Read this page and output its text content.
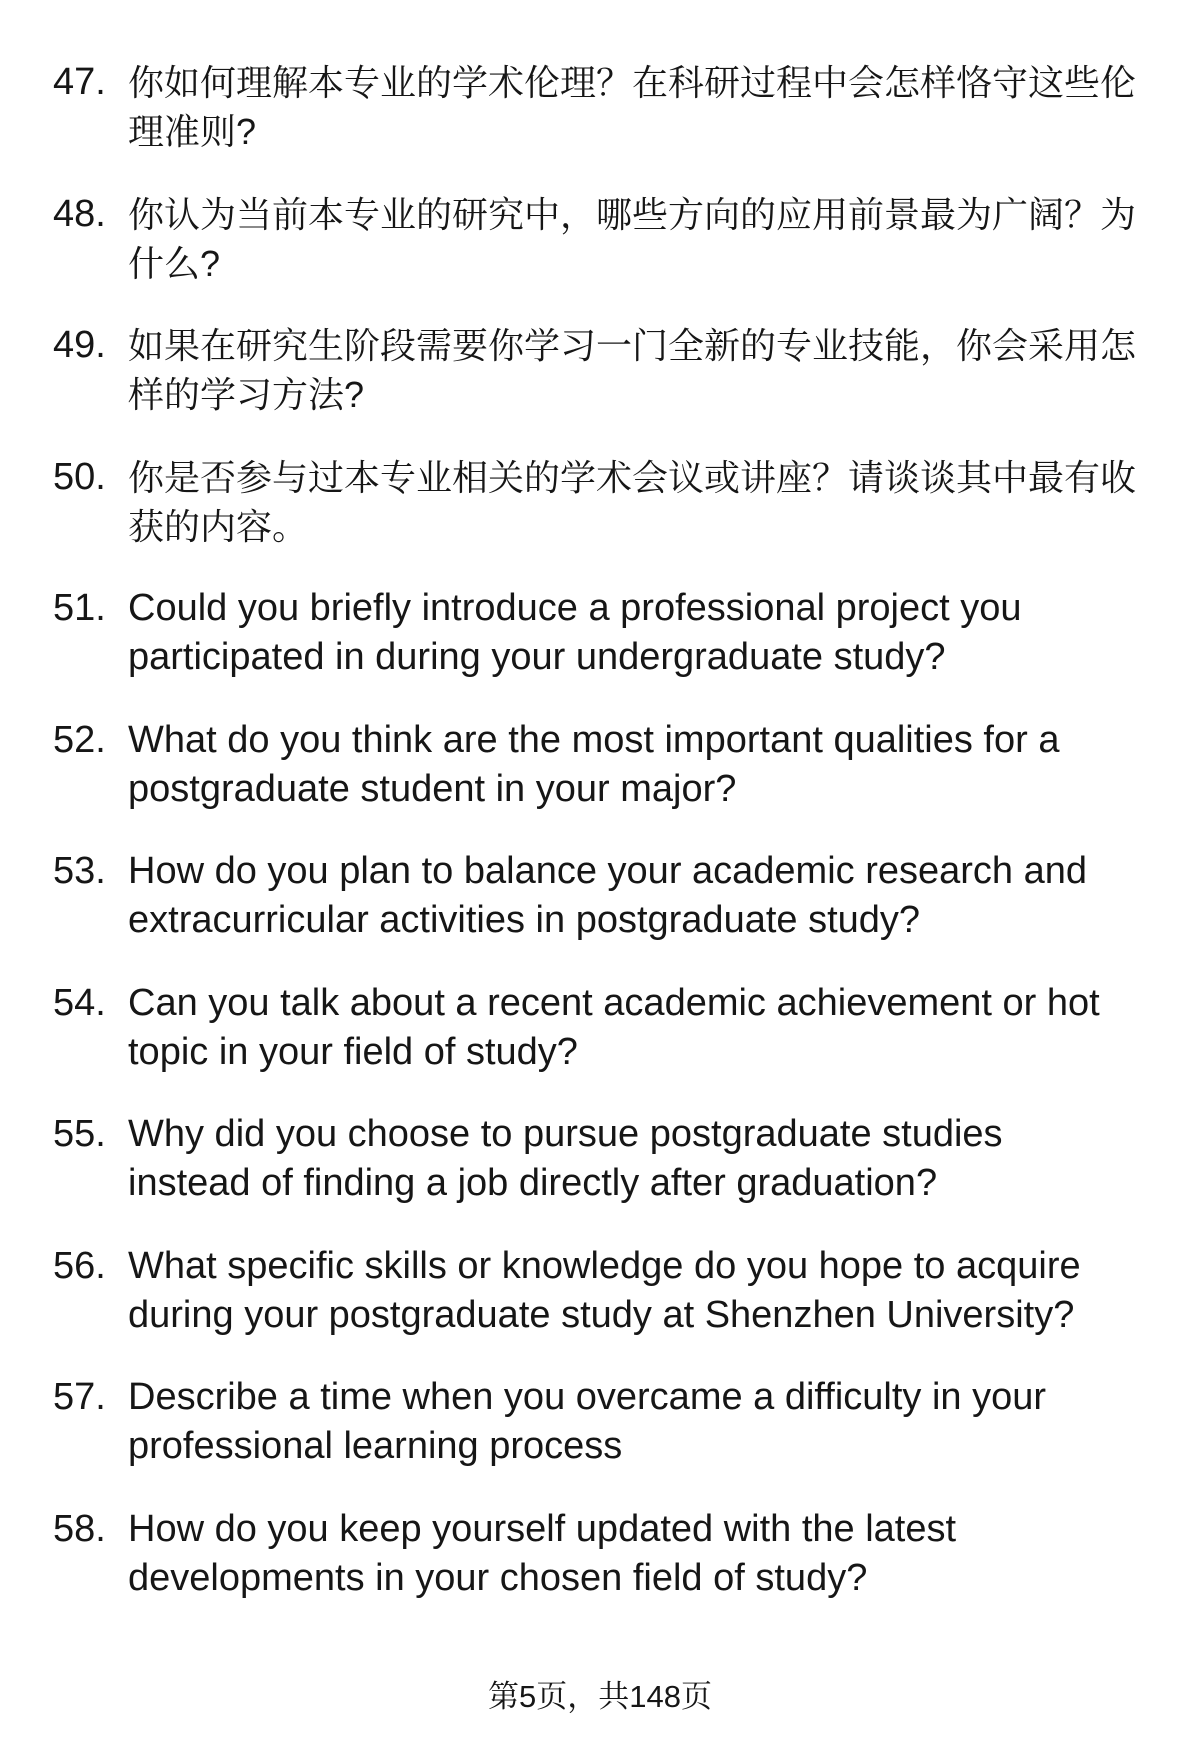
47. 你如何理解本专业的学术伦理？在科研过程中会怎样恪守这些伦
理准则?
48. 你认为当前本专业的研究中，哪些方向的应用前景最为广阔？为
什么?
49. 如果在研究生阶段需要你学习一门全新的专业技能，你会采用怎
样的学习方法?
50. 你是否参与过本专业相关的学术会议或讲座？请谈谈其中最有收
获的内容。
51. Could you briefly introduce a professional project you
participated in during your undergraduate study?
52. What do you think are the most important qualities for a
postgraduate student in your major?
53. How do you plan to balance your academic research and
extracurricular activities in postgraduate study?
54. Can you talk about a recent academic achievement or hot
topic in your field of study?
55. Why did you choose to pursue postgraduate studies
instead of finding a job directly after graduation?
56. What specific skills or knowledge do you hope to acquire
during your postgraduate study at Shenzhen University?
57. Describe a time when you overcame a difficulty in your
professional learning process
58. How do you keep yourself updated with the latest
developments in your chosen field of study?
第5页，共148页
